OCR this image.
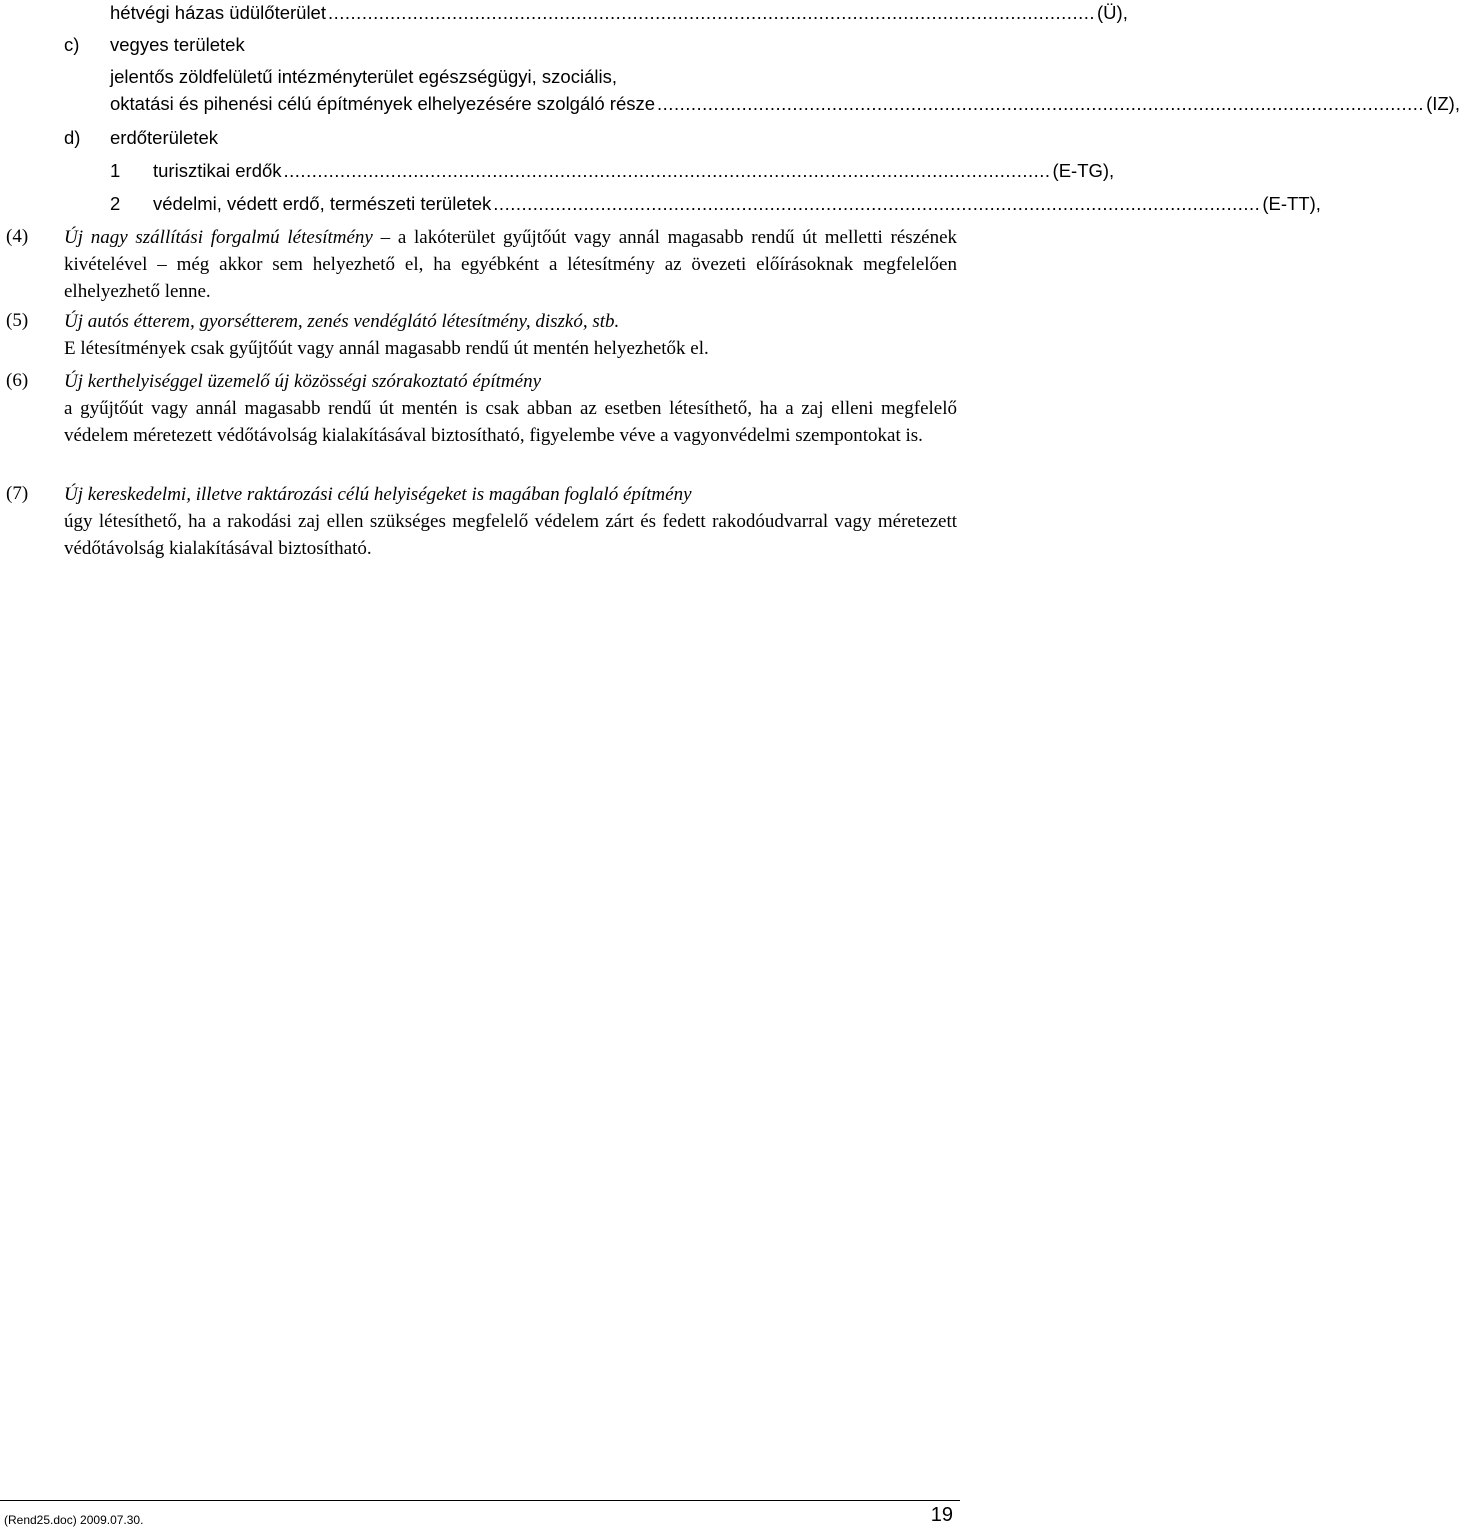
hétvégi házas üdülőterület ........................................................................................................................................ (Ü),
c) vegyes területek
jelentős zöldfelületű intézményterület egészségügyi, szociális,
oktatási és pihenési célú építmények elhelyezésére szolgáló része ........................................................................................................................................ (IZ),
d) erdőterületek
1 turisztikai erdők ........................................................................................................................................ (E-TG),
2 védelmi, védett erdő, természeti területek ........................................................................................................................................ (E-TT),
(4) Új nagy szállítási forgalmú létesítmény – a lakóterület gyűjtőút vagy annál magasabb rendű út melletti részének kivételével – még akkor sem helyezhető el, ha egyébként a létesítmény az övezeti előírásoknak megfelelően elhelyezhető lenne.
(5) Új autós étterem, gyorsétterem, zenés vendéglátó létesítmény, diszkó, stb.
E létesítmények csak gyűjtőút vagy annál magasabb rendű út mentén helyezhetők el.
(6) Új kerthelyiséggel üzemelő új közösségi szórakoztató építmény
a gyűjtőút vagy annál magasabb rendű út mentén is csak abban az esetben létesíthető, ha a zaj elleni megfelelő védelem méretezett védőtávolság kialakításával biztosítható, figyelembe véve a vagyonvédelmi szempontokat is.
(7) Új kereskedelmi, illetve raktározási célú helyiségeket is magában foglaló építmény
úgy létesíthető, ha a rakodási zaj ellen szükséges megfelelő védelem zárt és fedett rakodóudvarral vagy méretezett védőtávolság kialakításával biztosítható.
(Rend25.doc) 2009.07.30.	19
